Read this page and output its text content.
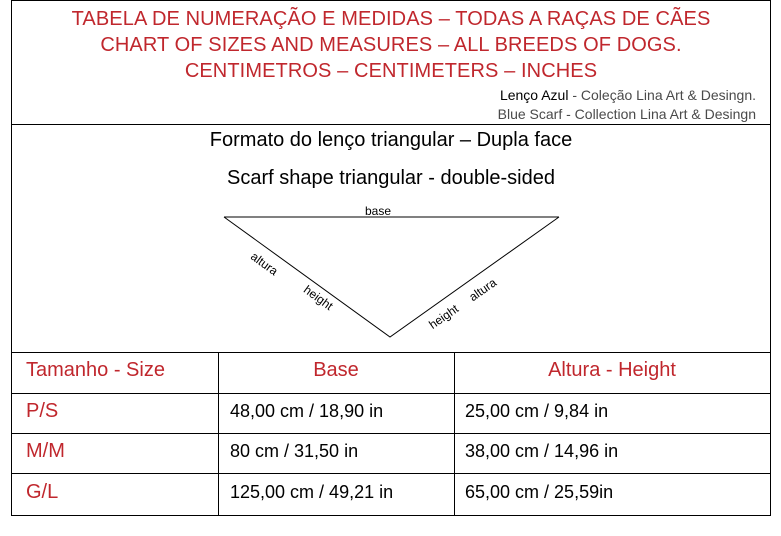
TABELA DE NUMERAÇÃO E MEDIDAS – TODAS A RAÇAS DE CÃES
CHART OF SIZES AND MEASURES – ALL BREEDS OF DOGS.
CENTIMETROS – CENTIMETERS – INCHES
Lenço Azul - Coleção Lina Art & Desingn.
Blue Scarf - Collection Lina Art & Desingn
Formato do lenço triangular – Dupla face
Scarf shape triangular - double-sided
base
altura
height
height
altura
Tamanho - Size	Base	Altura - Height
P/S	48,00 cm / 18,90 in	25,00 cm / 9,84 in
M/M	80 cm / 31,50 in	38,00 cm / 14,96 in
G/L	125,00 cm / 49,21 in	65,00 cm / 25,59in
